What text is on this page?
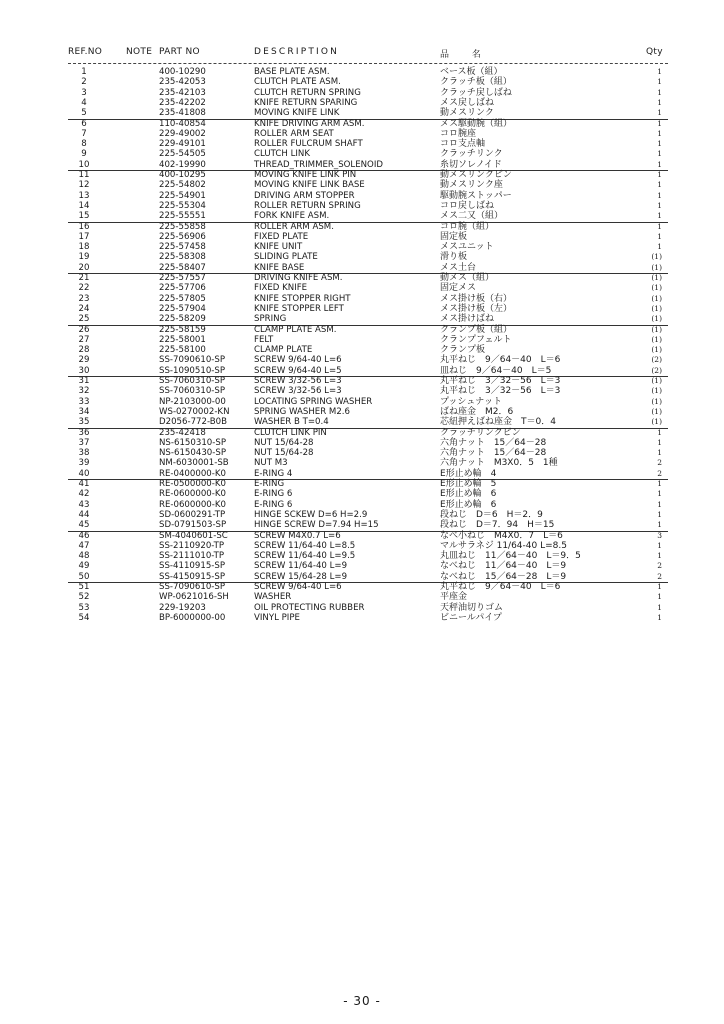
REF.NO	NOTE PART NO	DESCRIPTION	品 名	Qty
1	400-10290	BASE PLATE ASM.	ベース板（組）	1
2	235-42053	CLUTCH PLATE ASM.	クラッチ板（組）	1
3	235-42103	CLUTCH RETURN SPRING	クラッチ戻しばね	1
4	235-42202	KNIFE RETURN SPARING	メス戻しばね	1
5	235-41808	MOVING KNIFE LINK	動メスリンク	1
6	110-40854	KNIFE DRIVING ARM ASM.	メス駆動腕（組）	1
7	229-49002	ROLLER ARM SEAT	コロ腕座	1
8	229-49101	ROLLER FULCRUM SHAFT	コロ支点軸	1
9	225-54505	CLUTCH LINK	クラッチリンク	1
10	402-19990	THREAD_TRIMMER_SOLENOID	糸切ソレノイド	1
11	400-10295	MOVING KNIFE LINK PIN	動メスリンクピン	1
12	225-54802	MOVING KNIFE LINK BASE	動メスリンク座	1
13	225-54901	DRIVING ARM STOPPER	駆動腕ストッパー	1
14	225-55304	ROLLER RETURN SPRING	コロ戻しばね	1
15	225-55551	FORK KNIFE ASM.	メス二又（組）	1
16	225-55858	ROLLER ARM ASM.	コロ腕（組）	1
17	225-56906	FIXED PLATE	固定板	1
18	225-57458	KNIFE UNIT	メスユニット	1
19	225-58308	SLIDING PLATE	滑り板	(1)
20	225-58407	KNIFE BASE	メス土台	(1)
21	225-57557	DRIVING KNIFE ASM.	動メス（組）	(1)
22	225-57706	FIXED KNIFE	固定メス	(1)
23	225-57805	KNIFE STOPPER RIGHT	メス掛け板（右）	(1)
24	225-57904	KNIFE STOPPER LEFT	メス掛け板（左）	(1)
25	225-58209	SPRING	メス掛けばね	(1)
26	225-58159	CLAMP PLATE ASM.	クランプ板（組）	(1)
27	225-58001	FELT	クランプフェルト	(1)
28	225-58100	CLAMP PLATE	クランプ板	(1)
29	SS-7090610-SP	SCREW 9/64-40 L=6	丸平ねじ　9／64－40　L＝6	(2)
30	SS-1090510-SP	SCREW 9/64-40 L=5	皿ねじ　9／64－40　L＝5	(2)
31	SS-7060310-SP	SCREW 3/32-56 L=3	丸平ねじ　3／32－56　L＝3	(1)
32	SS-7060310-SP	SCREW 3/32-56 L=3	丸平ねじ　3／32－56　L＝3	(1)
33	NP-2103000-00	LOCATING SPRING WASHER	プッシュナット	(1)
34	WS-0270002-KN	SPRING WASHER M2.6	ばね座金　M2．6	(1)
35	D2056-772-B0B	WASHER B T=0.4	芯紐押えばね座金　T＝0．4	(1)
36	235-42418	CLUTCH LINK PIN	クラッチリンクピン	1
37	NS-6150310-SP	NUT 15/64-28	六角ナット　15／64－28	1
38	NS-6150430-SP	NUT 15/64-28	六角ナット　15／64－28	1
39	NM-6030001-SB	NUT M3	六角ナット　M3X0．5　1種	2
40	RE-0400000-K0	E-RING 4	E形止め輪　4	2
41	RE-0500000-K0	E-RING	E形止め輪　5	1
42	RE-0600000-K0	E-RING 6	E形止め輪　6	1
43	RE-0600000-K0	E-RING 6	E形止め輪　6	1
44	SD-0600291-TP	HINGE SCKEW D=6 H=2.9	段ねじ　D＝6　H＝2．9	1
45	SD-0791503-SP	HINGE SCREW D=7.94 H=15	段ねじ　D＝7．94　H＝15	1
46	SM-4040601-SC	SCREW M4X0.7 L=6	なべ小ねじ　M4X0．7　L＝6	3
47	SS-2110920-TP	SCREW 11/64-40 L=8.5	マルサラネジ 11/64-40 L=8.5	1
48	SS-2111010-TP	SCREW 11/64-40 L=9.5	丸皿ねじ　11／64－40　L＝9．5	1
49	SS-4110915-SP	SCREW 11/64-40 L=9	なべねじ　11／64－40　L＝9	2
50	SS-4150915-SP	SCREW 15/64-28 L=9	なべねじ　15／64－28　L＝9	2
51	SS-7090610-SP	SCREW 9/64-40 L=6	丸平ねじ　9／64－40　L＝6	1
52	WP-0621016-SH	WASHER	平座金	1
53	229-19203	OIL PROTECTING RUBBER	天秤油切りゴム	1
54	BP-6000000-00	VINYL PIPE	ビニールパイプ	1
- 30 -
